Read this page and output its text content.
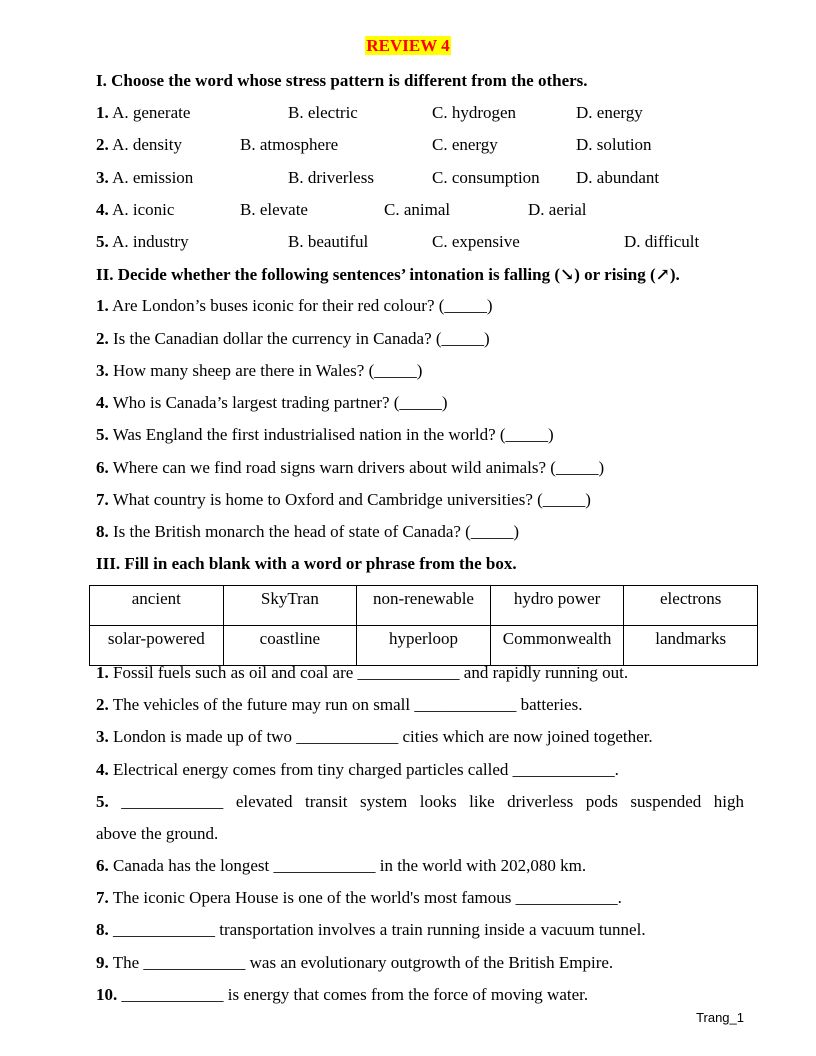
REVIEW 4
I. Choose the word whose stress pattern is different from the others.
1. A. generate	B. electric	C. hydrogen	D. energy
2. A. density	B. atmosphere	C. energy	D. solution
3. A. emission	B. driverless	C. consumption D. abundant
4. A. iconic	B. elevate	C. animal	D. aerial
5. A. industry	B. beautiful	C. expensive	D. difficult
II. Decide whether the following sentences’ intonation is falling (↘) or rising (↗).
1. Are London’s buses iconic for their red colour? (_____)
2. Is the Canadian dollar the currency in Canada? (_____)
3. How many sheep are there in Wales? (_____)
4. Who is Canada’s largest trading partner? (_____)
5. Was England the first industrialised nation in the world? (_____)
6. Where can we find road signs warn drivers about wild animals? (_____)
7. What country is home to Oxford and Cambridge universities? (_____)
8. Is the British monarch the head of state of Canada? (_____)
III. Fill in each blank with a word or phrase from the box.
ancient	SkyTran	non-renewable	hydro power	electrons
solar-powered	coastline	hyperloop	Commonwealth	landmarks
1. Fossil fuels such as oil and coal are ____________ and rapidly running out.
2. The vehicles of the future may run on small ____________ batteries.
3. London is made up of two ____________ cities which are now joined together.
4. Electrical energy comes from tiny charged particles called ____________.
5. ____________ elevated transit system looks like driverless pods suspended high
above the ground.
6. Canada has the longest ____________ in the world with 202,080 km.
7. The iconic Opera House is one of the world's most famous ____________.
8. ____________ transportation involves a train running inside a vacuum tunnel.
9. The ____________ was an evolutionary outgrowth of the British Empire.
10. ____________ is energy that comes from the force of moving water.
Trang_1
